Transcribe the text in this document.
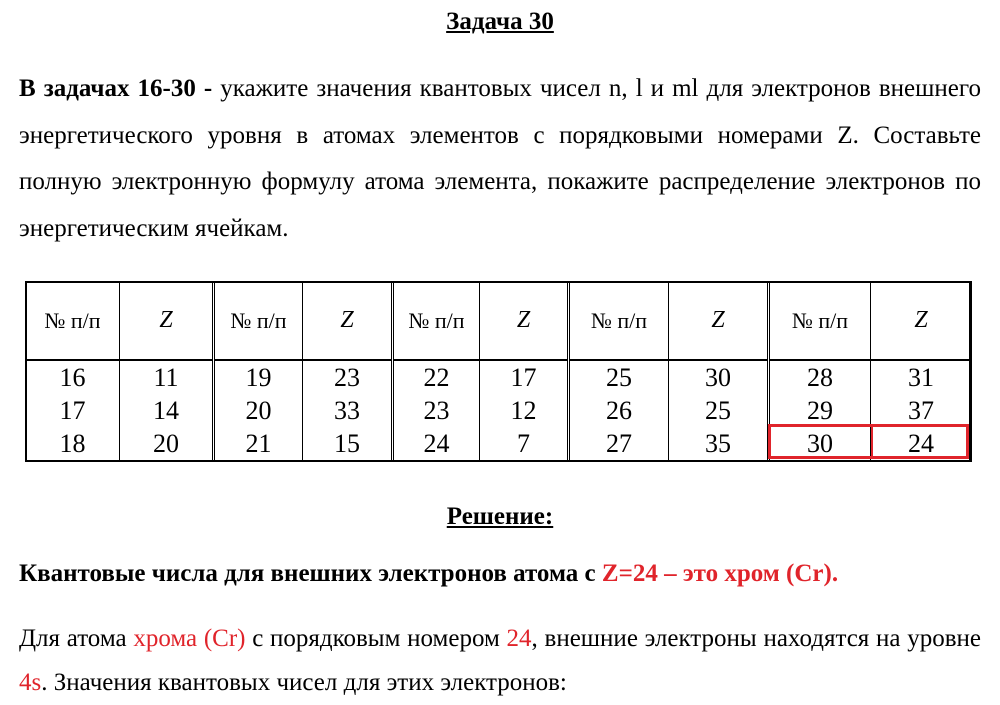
Задача 30
В задачах 16-30 - укажите значения квантовых чисел n, l и ml для электронов внешнего энергетического уровня в атомах элементов с порядковыми номерами Z. Составьте полную электронную формулу атома элемента, покажите распределение электронов по энергетическим ячейкам.
№ п/п	Z	№ п/п	Z	№ п/п	Z	№ п/п	Z	№ п/п	Z
16	11	19	23	22	17	25	30	28	31
17	14	20	33	23	12	26	25	29	37
18	20	21	15	24	7	27	35	30	24
Решение:
Квантовые числа для внешних электронов атома с Z=24 – это хром (Cr).
Для атома хрома (Cr) с порядковым номером 24, внешние электроны находятся на уровне 4s. Значения квантовых чисел для этих электронов:
